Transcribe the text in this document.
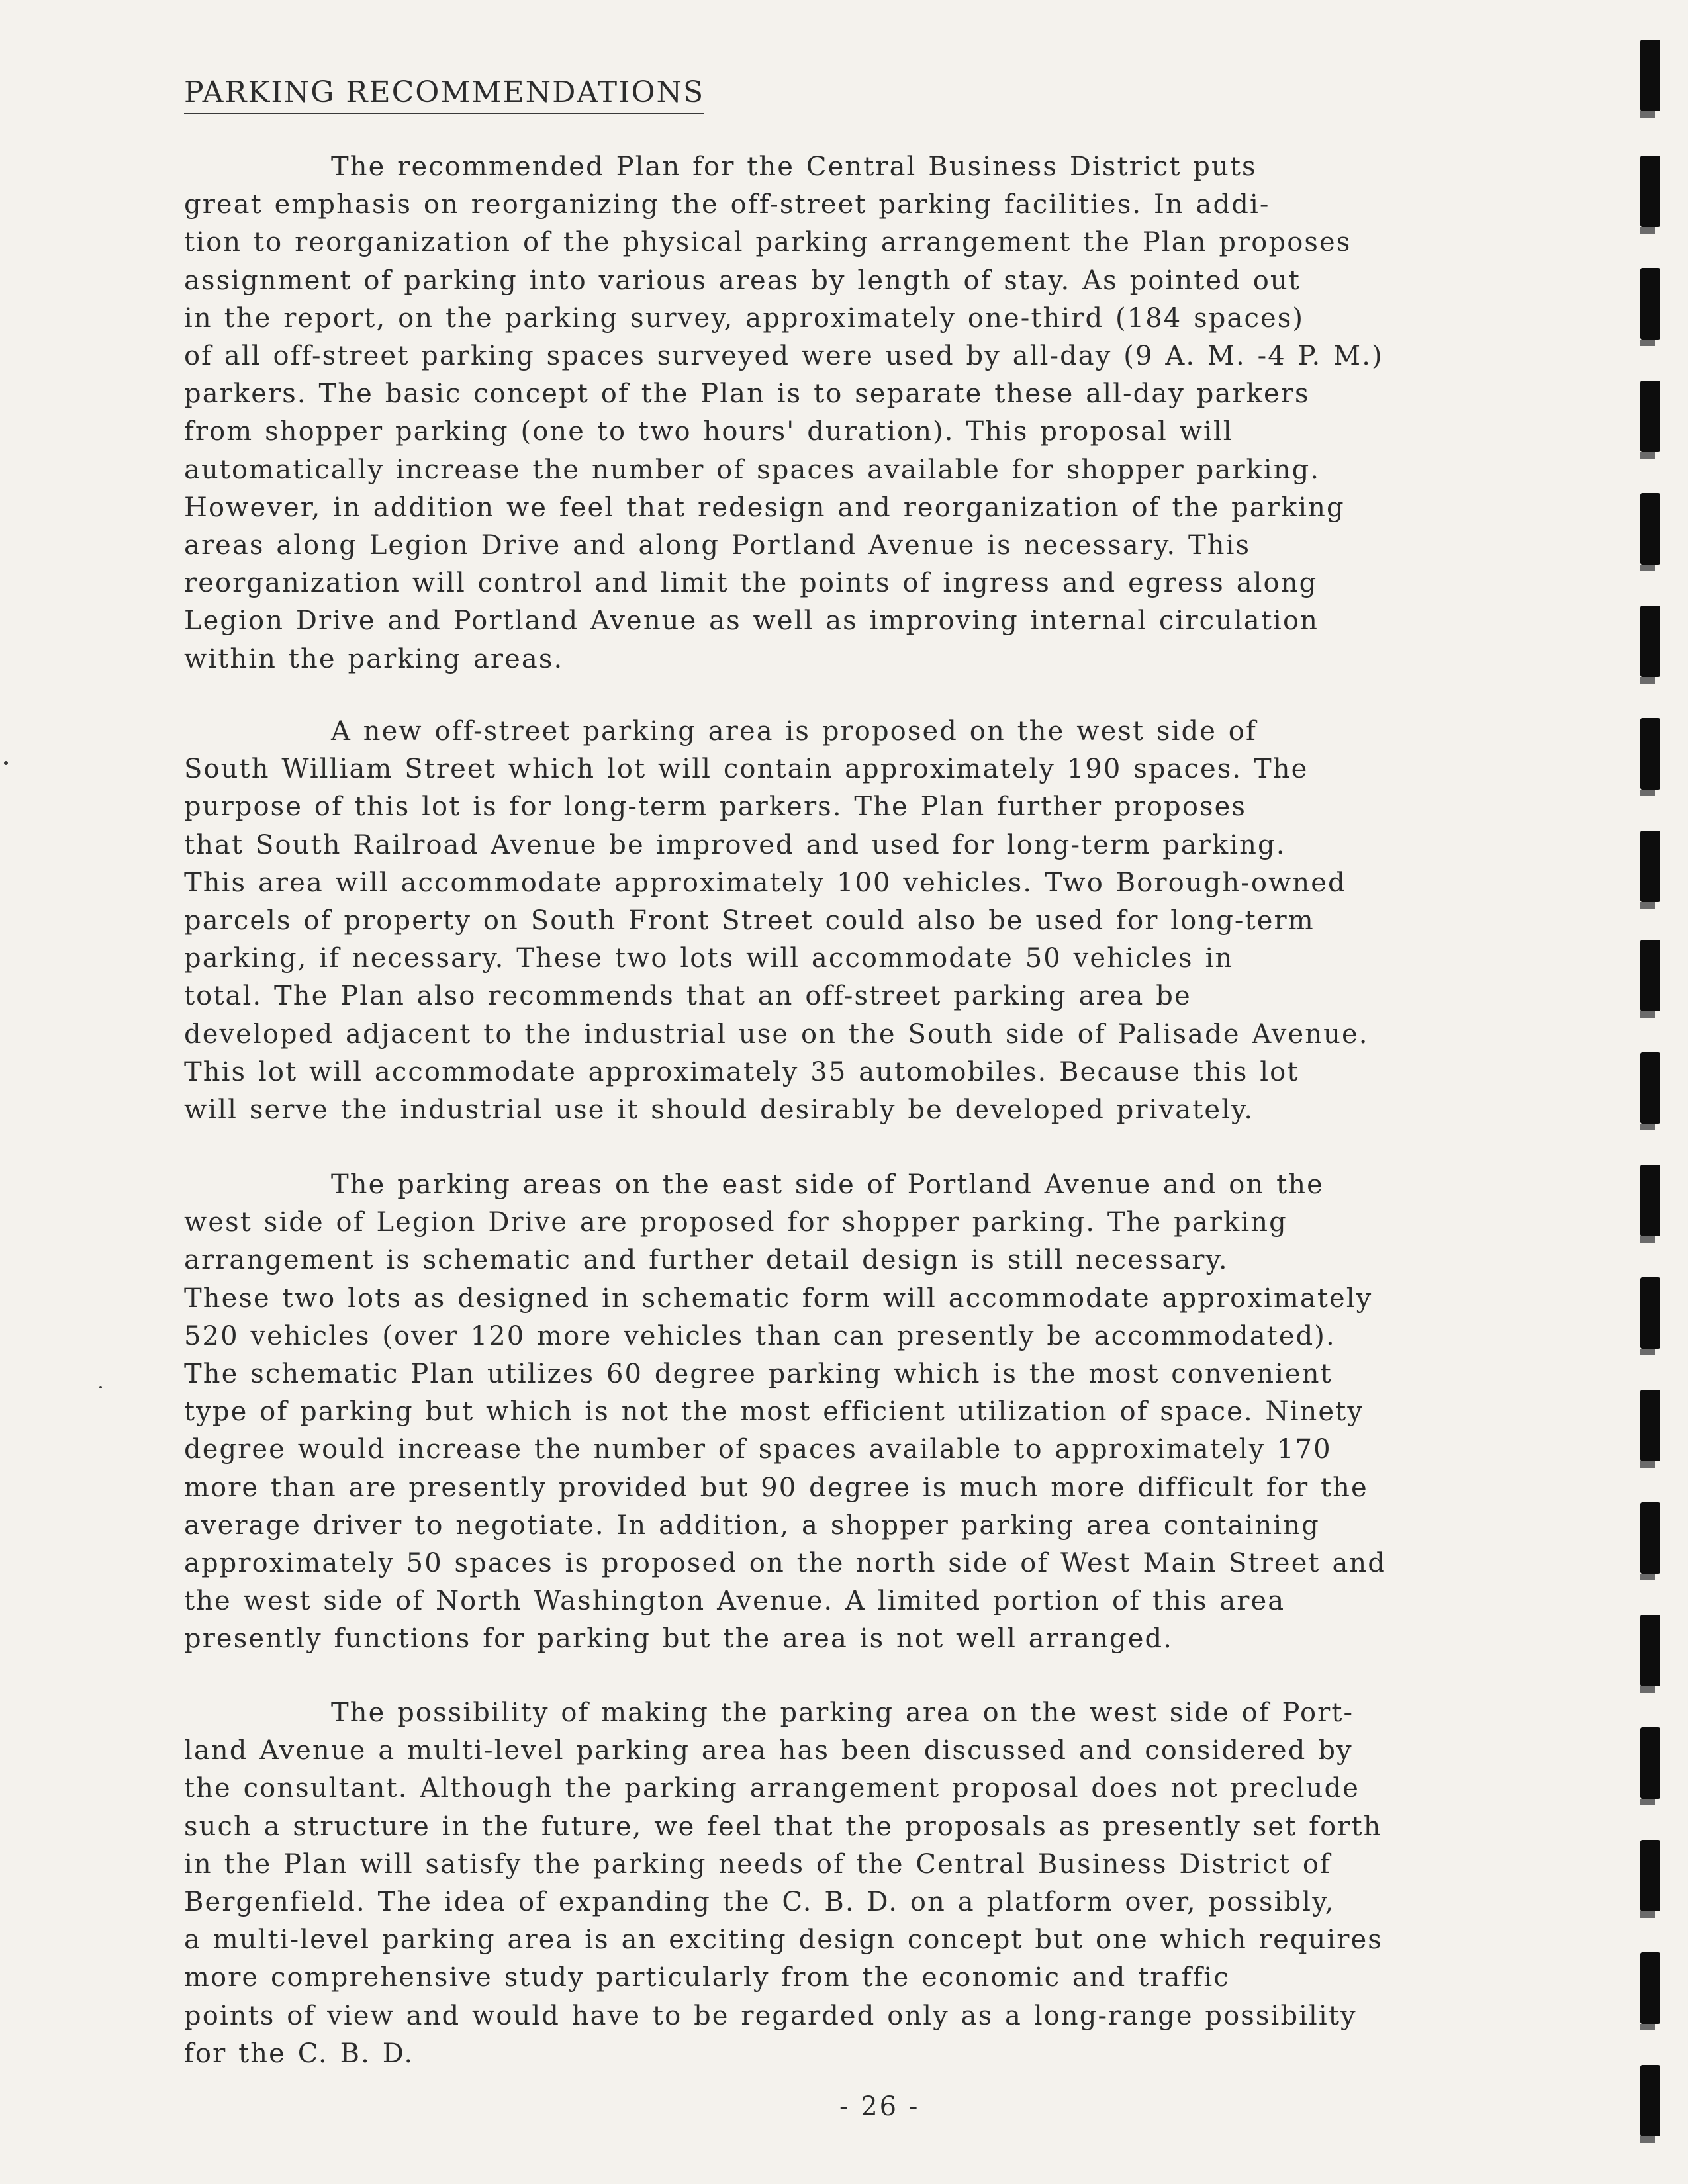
PARKING RECOMMENDATIONS
The recommended Plan for the Central Business District puts
great emphasis on reorganizing the off-street parking facilities. In addi-
tion to reorganization of the physical parking arrangement the Plan proposes
assignment of parking into various areas by length of stay. As pointed out
in the report, on the parking survey, approximately one-third (184 spaces)
of all off-street parking spaces surveyed were used by all-day (9 A. M. -4 P. M.)
parkers. The basic concept of the Plan is to separate these all-day parkers
from shopper parking (one to two hours' duration). This proposal will
automatically increase the number of spaces available for shopper parking.
However, in addition we feel that redesign and reorganization of the parking
areas along Legion Drive and along Portland Avenue is necessary. This
reorganization will control and limit the points of ingress and egress along
Legion Drive and Portland Avenue as well as improving internal circulation
within the parking areas.
A new off-street parking area is proposed on the west side of
South William Street which lot will contain approximately 190 spaces. The
purpose of this lot is for long-term parkers. The Plan further proposes
that South Railroad Avenue be improved and used for long-term parking.
This area will accommodate approximately 100 vehicles. Two Borough-owned
parcels of property on South Front Street could also be used for long-term
parking, if necessary. These two lots will accommodate 50 vehicles in
total. The Plan also recommends that an off-street parking area be
developed adjacent to the industrial use on the South side of Palisade Avenue.
This lot will accommodate approximately 35 automobiles. Because this lot
will serve the industrial use it should desirably be developed privately.
The parking areas on the east side of Portland Avenue and on the
west side of Legion Drive are proposed for shopper parking. The parking
arrangement is schematic and further detail design is still necessary.
These two lots as designed in schematic form will accommodate approximately
520 vehicles (over 120 more vehicles than can presently be accommodated).
The schematic Plan utilizes 60 degree parking which is the most convenient
type of parking but which is not the most efficient utilization of space. Ninety
degree would increase the number of spaces available to approximately 170
more than are presently provided but 90 degree is much more difficult for the
average driver to negotiate. In addition, a shopper parking area containing
approximately 50 spaces is proposed on the north side of West Main Street and
the west side of North Washington Avenue. A limited portion of this area
presently functions for parking but the area is not well arranged.
The possibility of making the parking area on the west side of Port-
land Avenue a multi-level parking area has been discussed and considered by
the consultant. Although the parking arrangement proposal does not preclude
such a structure in the future, we feel that the proposals as presently set forth
in the Plan will satisfy the parking needs of the Central Business District of
Bergenfield. The idea of expanding the C. B. D. on a platform over, possibly,
a multi-level parking area is an exciting design concept but one which requires
more comprehensive study particularly from the economic and traffic
points of view and would have to be regarded only as a long-range possibility
for the C. B. D.
- 26 -
